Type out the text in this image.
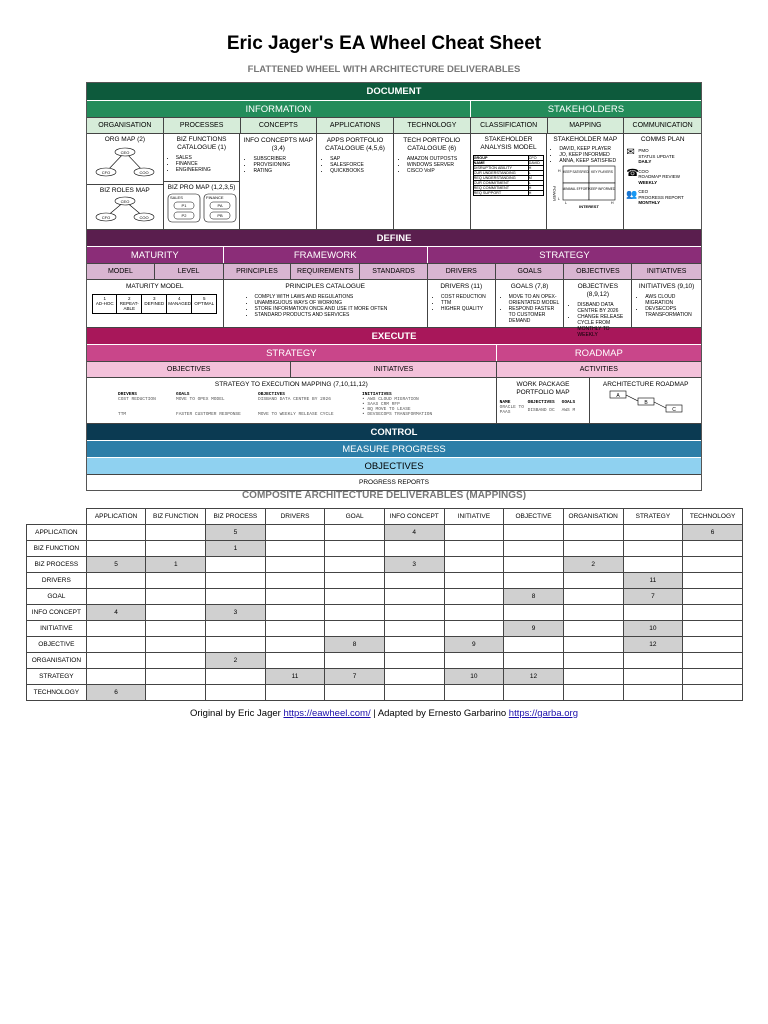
Eric Jager's EA Wheel Cheat Sheet
FLATTENED WHEEL WITH ARCHITECTURE DELIVERABLES
DOCUMENT
INFORMATION	STAKEHOLDERS
ORGANISATION	PROCESSES	CONCEPTS	APPLICATIONS	TECHNOLOGY	CLASSIFICATION	MAPPING	COMMUNICATION
ORG MAP (2)
CEO
CFO	COO
BIZ ROLES MAP
CEO
CFO	COO
BIZ FUNCTIONS CATALOGUE (1)
• SALES
• FINANCE
• ENGINEERING
BIZ PRO MAP (1,2,3,5)
SALES	FINANCE
P1
P2
PA
PB
INFO CONCEPTS MAP (3,4)
• SUBSCRIBER
• PROVISIONING
• RATING
APPS PORTFOLIO CATALOGUE (4,5,6)
• SAP
• SALESFORCE
• QUICKBOOKS
TECH PORTFOLIO CATALOGUE (6)
• AMAZON OUTPOSTS
• WINDOWS SERVER
• CISCO VoIP
STAKEHOLDER ANALYSIS MODEL
GROUP	CFO
NAME	DAVID
DISRUPTION ABILITY	H
CUR UNDERSTANDING	L
REQ UNDERSTANDING	M
CUR COMMITMENT	L
REQ COMMITMENT	H
REQ SUPPORT	H
STAKEHOLDER MAP
• DAVID, KEEP PLAYER
• JO, KEEP INFORMED
• ANNA, KEEP SATISFIED
POWER
H
L
KEEP SATISFIED KEY PLAYERS
MINIMAL EFFORT KEEP INFORMED
L	H
INTEREST
COMMS PLAN
✉ PMO
STATUS UPDATE
DAILY
☎ COO
ROADMAP REVIEW
WEEKLY
👥 CEO
PROGRESS REPORT
MONTHLY
DEFINE
MATURITY	FRAMEWORK	STRATEGY
MODEL	LEVEL	PRINCIPLES	REQUIREMENTS	STANDARDS	DRIVERS	GOALS	OBJECTIVES	INITIATIVES
MATURITY MODEL
1
AD-HOC
2
REPEAT-ABLE
3
DEFINED
4
MANAGED
5
OPTIMAL
PRINCIPLES CATALOGUE
• COMPLY WITH LAWS AND REGULATIONS
• UNAMBIGUOUS WAYS OF WORKING
• STORE INFORMATION ONCE AND USE IT MORE OFTEN
• STANDARD PRODUCTS AND SERVICES
DRIVERS (11)
• COST REDUCTION
• TTM
• HIGHER QUALITY
GOALS (7,8)
• MOVE TO AN OPEX-ORIENTATED MODEL
• RESPOND FASTER TO CUSTOMER DEMAND
OBJECTIVES (8,9,12)
• DISBAND DATA CENTRE BY 2026
• CHANGE RELEASE CYCLE FROM MONTHLY TO WEEKLY
INITIATIVES (9,10)
• AWS CLOUD MIGRATION
• DEVSECOPS TRANSFORMATION
EXECUTE
STRATEGY	ROADMAP
OBJECTIVES	INITIATIVES	ACTIVITIES
STRATEGY TO EXECUTION MAPPING (7,10,11,12)
DRIVERS	GOALS	OBJECTIVES	INITIATIVES
COST REDUCTION	MOVE TO OPEX MODEL	DISBAND DATA CENTRE BY 2026	• AWS CLOUD MIGRATION
			• SAAS CRM RFP
			• BQ MOVE TO LEASE
TTM	FASTER CUSTOMER RESPONSE	MOVE TO WEEKLY RELEASE CYCLE	• DEVSECOPS TRANSFORMATION
WORK PACKAGE PORTFOLIO MAP
NAME	OBJECTIVES	GOALS
ORACLE TO PAAS	DISBAND DC	AWS M
ARCHITECTURE ROADMAP
A
B
C
CONTROL
MEASURE PROGRESS
OBJECTIVES
PROGRESS REPORTS
COMPOSITE ARCHITECTURE DELIVERABLES (MAPPINGS)
	APPLICATION	BIZ FUNCTION	BIZ PROCESS	DRIVERS	GOAL	INFO CONCEPT	INITIATIVE	OBJECTIVE	ORGANISATION	STRATEGY	TECHNOLOGY
APPLICATION			5			4					6
BIZ FUNCTION			1								
BIZ PROCESS	5	1				3			2		
DRIVERS										11	
GOAL								8		7	
INFO CONCEPT	4		3								
INITIATIVE								9		10	
OBJECTIVE					8		9			12	
ORGANISATION			2								
STRATEGY				11	7		10	12			
TECHNOLOGY	6										
Original by Eric Jager https://eawheel.com/ | Adapted by Ernesto Garbarino https://garba.org
